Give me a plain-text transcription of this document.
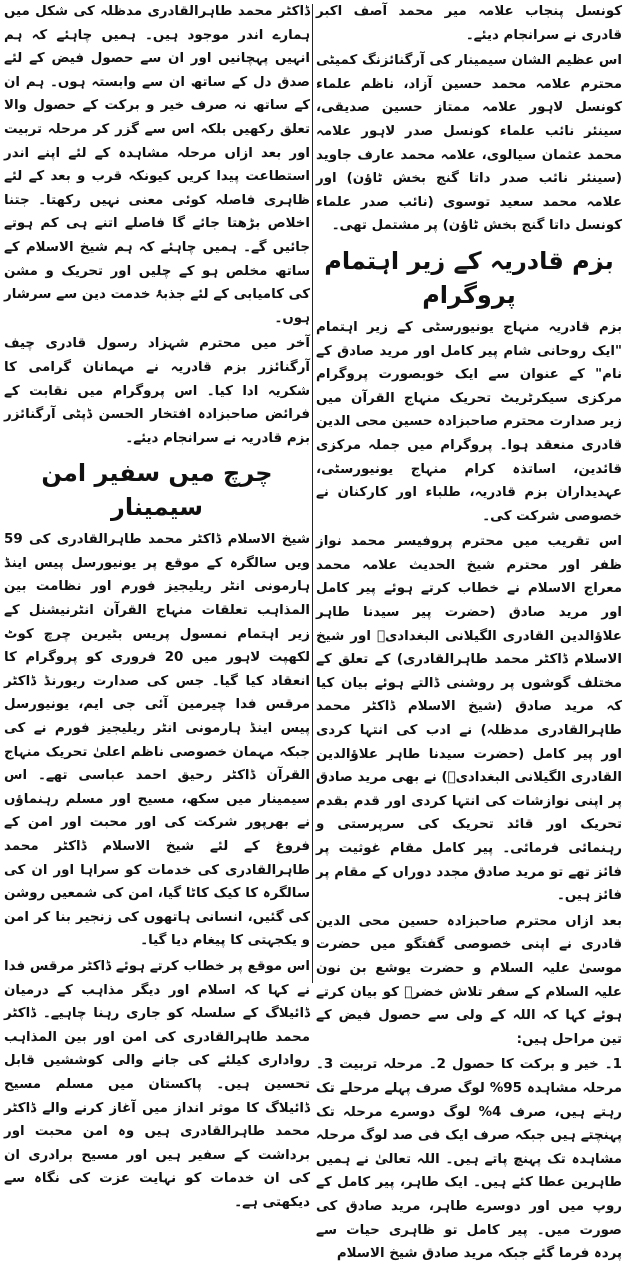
کونسل پنجاب علامہ میر محمد آصف اکبر قادری نے سرانجام دیئے۔

اس عظیم الشان سیمینار کی آرگنائزنگ کمیٹی محترم علامہ محمد حسین آزاد، ناظم علماء کونسل لاہور علامہ ممتاز حسین صدیقی، سینئر نائب علماء کونسل صدر لاہور علامہ محمد عثمان سیالوی، علامہ محمد عارف جاوید (سینئر نائب صدر داتا گنج بخش ٹاؤن) اور علامہ محمد سعید توسوی (نائب صدر علماء کونسل داتا گنج بخش ٹاؤن) پر مشتمل تھی۔

بزم قادریہ کے زیر اہتمام پروگرام

بزم قادریہ منہاج یونیورسٹی کے زیر اہتمام "ایک روحانی شام پیر کامل اور مرید صادق کے نام" کے عنوان سے ایک خوبصورت پروگرام مرکزی سیکرٹریٹ تحریک منہاج القرآن میں زیر صدارت محترم صاحبزادہ حسین محی الدین قادری منعقد ہوا۔ پروگرام میں جملہ مرکزی قائدین، اساتذہ کرام منہاج یونیورسٹی، عہدیداران بزم قادریہ، طلباء اور کارکنان نے خصوصی شرکت کی۔

اس تقریب میں محترم پروفیسر محمد نواز ظفر اور محترم شیخ الحدیث علامہ محمد معراج الاسلام نے خطاب کرتے ہوئے پیر کامل اور مرید صادق (حضرت پیر سیدنا طاہر علاؤالدین القادری الگیلانی البغدادیؒ اور شیخ الاسلام ڈاکٹر محمد طاہرالقادری) کے تعلق کے مختلف گوشوں پر روشنی ڈالتے ہوئے بیان کیا کہ مرید صادق (شیخ الاسلام ڈاکٹر محمد طاہرالقادری مدظلہ) نے ادب کی انتہا کردی اور پیر کامل (حضرت سیدنا طاہر علاؤالدین القادری الگیلانی البغدادیؒ) نے بھی مرید صادق پر اپنی نوازشات کی انتہا کردی اور قدم بقدم تحریک اور قائد تحریک کی سرپرستی و رہنمائی فرمائی۔ پیر کامل مقام غوثیت پر فائز تھے تو مرید صادق مجدد دوراں کے مقام پر فائز ہیں۔

بعد ازاں محترم صاحبزادہ حسین محی الدین قادری نے اپنی خصوصی گفتگو میں حضرت موسیٰ علیہ السلام و حضرت یوشع بن نون علیہ السلام کے سفر تلاش خضرؑ کو بیان کرتے ہوئے کہا کہ اللہ کے ولی سے حصول فیض کے تین مراحل ہیں:

1۔ خیر و برکت کا حصول 2۔ مرحلہ تربیت 3۔ مرحلہ مشاہدہ 95% لوگ صرف پہلے مرحلے تک رہتے ہیں، صرف 4% لوگ دوسرے مرحلہ تک پہنچتے ہیں جبکہ صرف ایک فی صد لوگ مرحلہ مشاہدہ تک پہنچ پاتے ہیں۔ اللہ تعالیٰ نے ہمیں طاہرین عطا کئے ہیں۔ ایک طاہر، پیر کامل کے روپ میں اور دوسرے طاہر، مرید صادق کی صورت میں۔ پیر کامل تو ظاہری حیات سے پردہ فرما گئے جبکہ مرید صادق شیخ الاسلام

ڈاکٹر محمد طاہرالقادری مدظلہ کی شکل میں ہمارے اندر موجود ہیں۔ ہمیں چاہئے کہ ہم انہیں پہچانیں اور ان سے حصول فیض کے لئے صدق دل کے ساتھ ان سے وابستہ ہوں۔ ہم ان کے ساتھ نہ صرف خیر و برکت کے حصول والا تعلق رکھیں بلکہ اس سے گزر کر مرحلہ تربیت اور بعد ازاں مرحلہ مشاہدہ کے لئے اپنے اندر استطاعت پیدا کریں کیونکہ قرب و بعد کے لئے ظاہری فاصلہ کوئی معنی نہیں رکھتا۔ جتنا اخلاص بڑھتا جائے گا فاصلے اتنے ہی کم ہوتے جائیں گے۔ ہمیں چاہئے کہ ہم شیخ الاسلام کے ساتھ مخلص ہو کے چلیں اور تحریک و مشن کی کامیابی کے لئے جذبۂ خدمت دین سے سرشار ہوں۔

آخر میں محترم شہزاد رسول قادری چیف آرگنائزر بزم قادریہ نے مہمانان گرامی کا شکریہ ادا کیا۔ اس پروگرام میں نقابت کے فرائض صاحبزادہ افتخار الحسن ڈپٹی آرگنائزر بزم قادریہ نے سرانجام دیئے۔

چرچ میں سفیر امن سیمینار

شیخ الاسلام ڈاکٹر محمد طاہرالقادری کی 59 ویں سالگرہ کے موقع پر یونیورسل پیس اینڈ ہارمونی انٹر ریلیجیز فورم اور نظامت بین المذاہب تعلقات منہاج القرآن انٹرنیشنل کے زیر اہتمام نمسول پریس بٹیرین چرچ کوٹ لکھپت لاہور میں 20 فروری کو پروگرام کا انعقاد کیا گیا۔ جس کی صدارت ریورنڈ ڈاکٹر مرقس فدا چیرمین آئی جی ایم، یونیورسل پیس اینڈ ہارمونی انٹر ریلیجیز فورم نے کی جبکہ مہمان خصوصی ناظم اعلیٰ تحریک منہاج القرآن ڈاکٹر رحیق احمد عباسی تھے۔ اس سیمینار میں سکھ، مسیح اور مسلم رہنماؤں نے بھرپور شرکت کی اور محبت اور امن کے فروغ کے لئے شیخ الاسلام ڈاکٹر محمد طاہرالقادری کی خدمات کو سراہا اور ان کی سالگرہ کا کیک کاٹا گیا، امن کی شمعیں روشن کی گئیں، انسانی ہاتھوں کی زنجیر بنا کر امن و یکجہتی کا پیغام دیا گیا۔

اس موقع پر خطاب کرتے ہوئے ڈاکٹر مرقس فدا نے کہا کہ اسلام اور دیگر مذاہب کے درمیان ڈائیلاگ کے سلسلہ کو جاری رہنا چاہیے۔ ڈاکٹر محمد طاہرالقادری کی امن اور بین المذاہب رواداری کیلئے کی جانے والی کوششیں قابل تحسین ہیں۔ پاکستان میں مسلم مسیح ڈائیلاگ کا موثر انداز میں آغاز کرنے والے ڈاکٹر محمد طاہرالقادری ہیں وہ امن محبت اور برداشت کے سفیر ہیں اور مسیح برادری ان کی ان خدمات کو نہایت عزت کی نگاہ سے دیکھتی ہے۔
